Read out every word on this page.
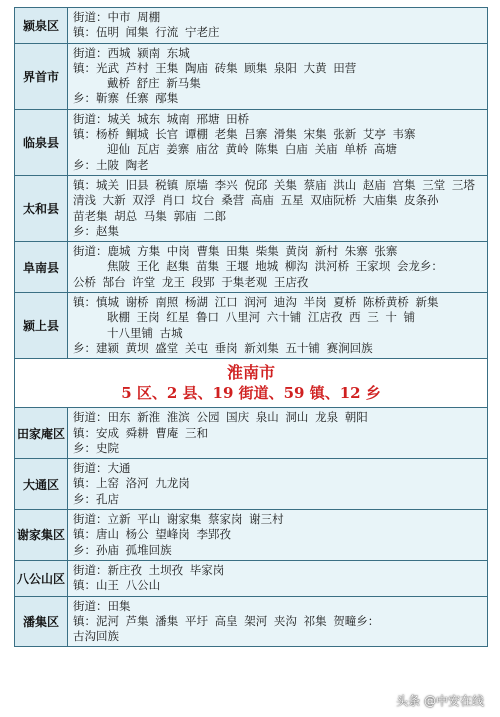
颍泉区	街道：中市 周棚
镇：伍明 闻集 行流 宁老庄

界首市	街道：西城 颍南 东城
镇：光武 芦村 王集 陶庙 砖集 顾集 泉阳 大黄 田营
戴桥 舒庄 新马集
乡：靳寨 任寨 邴集

临泉县	街道：城关 城东 城南 邢塘 田桥
镇：杨桥 鲖城 长官 谭棚 老集 吕寨 滑集 宋集 张新 艾亭 韦寨
迎仙 瓦店 姜寨 庙岔 黄岭 陈集 白庙 关庙 单桥 高塘
乡：土陂 陶老

太和县	镇：城关 旧县 税镇 原墙 李兴 倪邱 关集 蔡庙 洪山 赵庙 宫集 三堂 三塔
清浅 大新 双浮 肖口 坟台 桑营 高庙 五星 双庙阮桥 大庙集 皮条孙
苗老集 胡总 马集 郭庙 二郎
乡：赵集

阜南县	街道：鹿城 方集 中岗 曹集 田集 柴集 黄岗 新村 朱寨 张寨
焦陂 王化 赵集 苗集 王堰 地城 柳沟 洪河桥 王家坝 会龙乡：
公桥 郜台 许堂 龙王 段郢 于集老观 王店孜

颍上县	镇：慎城 谢桥 南照 杨湖 江口 润河 迪沟 半岗 夏桥 陈桥黄桥 新集
耿棚 王岗 红星 鲁口 八里河 六十铺 江店孜 西 三 十 铺
十八里铺 古城
乡：建颍 黄坝 盛堂 关屯 垂岗 新刘集 五十铺 赛涧回族

淮南市
5 区、2 县、19 街道、59 镇、12 乡	

田家庵区	街道：田东 新淮 淮滨 公园 国庆 泉山 洞山 龙泉 朝阳
镇：安成 舜耕 曹庵 三和
乡：史院

大通区	街道：大通
镇：上窑 洛河 九龙岗
乡：孔店

谢家集区	街道：立新 平山 谢家集 蔡家岗 谢三村
镇：唐山 杨公 望峰岗 李郢孜
乡：孙庙 孤堆回族

八公山区	街道：新庄孜 土坝孜 毕家岗
镇：山王 八公山

潘集区	街道：田集
镇：泥河 芦集 潘集 平圩 高皇 架河 夹沟 祁集 贺疃乡：
古沟回族
头条 @中安在线
